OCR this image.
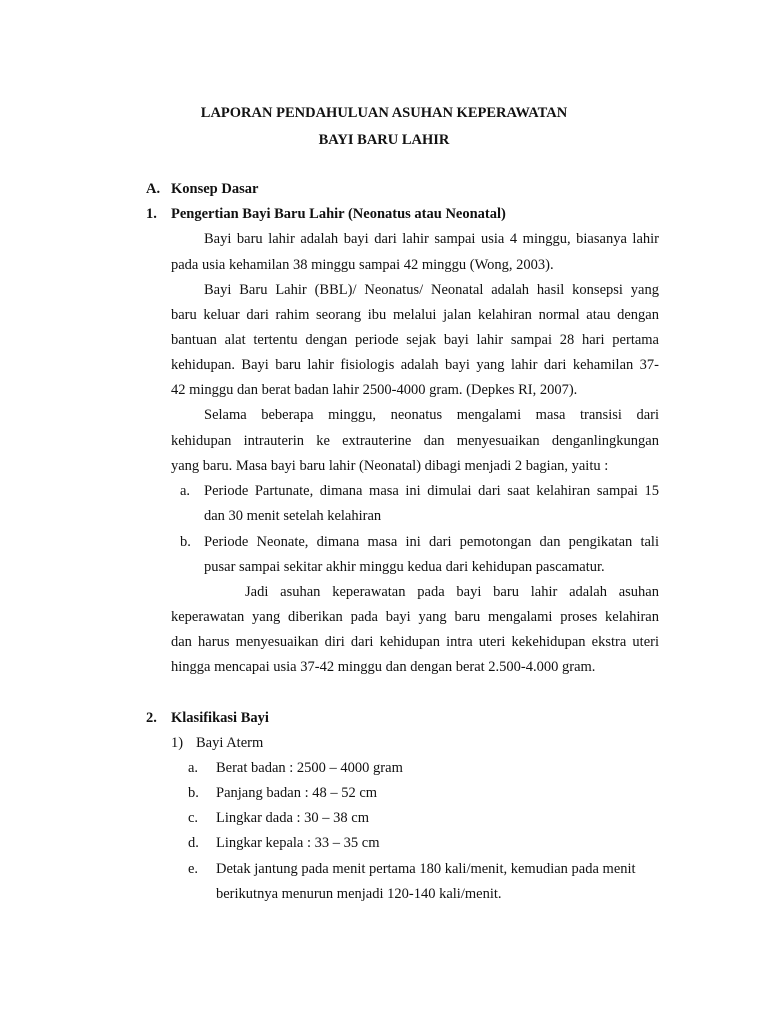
LAPORAN PENDAHULUAN ASUHAN KEPERAWATAN
BAYI BARU LAHIR
A. Konsep Dasar
1. Pengertian Bayi Baru Lahir (Neonatus atau Neonatal)
Bayi baru lahir adalah bayi dari lahir sampai usia 4 minggu, biasanya lahir
pada usia kehamilan 38 minggu sampai 42 minggu (Wong, 2003).
Bayi Baru Lahir (BBL)/ Neonatus/ Neonatal adalah hasil konsepsi yang
baru keluar dari rahim seorang ibu melalui jalan kelahiran normal atau dengan
bantuan alat tertentu dengan periode sejak bayi lahir sampai 28 hari pertama
kehidupan. Bayi baru lahir fisiologis adalah bayi yang lahir dari kehamilan 37-
42 minggu dan berat badan lahir 2500-4000 gram. (Depkes RI, 2007).
Selama beberapa minggu, neonatus mengalami masa transisi dari
kehidupan intrauterin ke extrauterine dan menyesuaikan denganlingkungan
yang baru. Masa bayi baru lahir (Neonatal) dibagi menjadi 2 bagian, yaitu :
a. Periode Partunate, dimana masa ini dimulai dari saat kelahiran sampai 15
dan 30 menit setelah kelahiran
b. Periode Neonate, dimana masa ini dari pemotongan dan pengikatan tali
pusar sampai sekitar akhir minggu kedua dari kehidupan pascamatur.
Jadi asuhan keperawatan pada bayi baru lahir adalah asuhan
keperawatan yang diberikan pada bayi yang baru mengalami proses kelahiran
dan harus menyesuaikan diri dari kehidupan intra uteri kekehidupan ekstra uteri
hingga mencapai usia 37-42 minggu dan dengan berat 2.500-4.000 gram.
2. Klasifikasi Bayi
1) Bayi Aterm
a. Berat badan : 2500 – 4000 gram
b. Panjang badan : 48 – 52 cm
c. Lingkar dada : 30 – 38 cm
d. Lingkar kepala : 33 – 35 cm
e. Detak jantung pada menit pertama 180 kali/menit, kemudian pada menit
berikutnya menurun menjadi 120-140 kali/menit.
